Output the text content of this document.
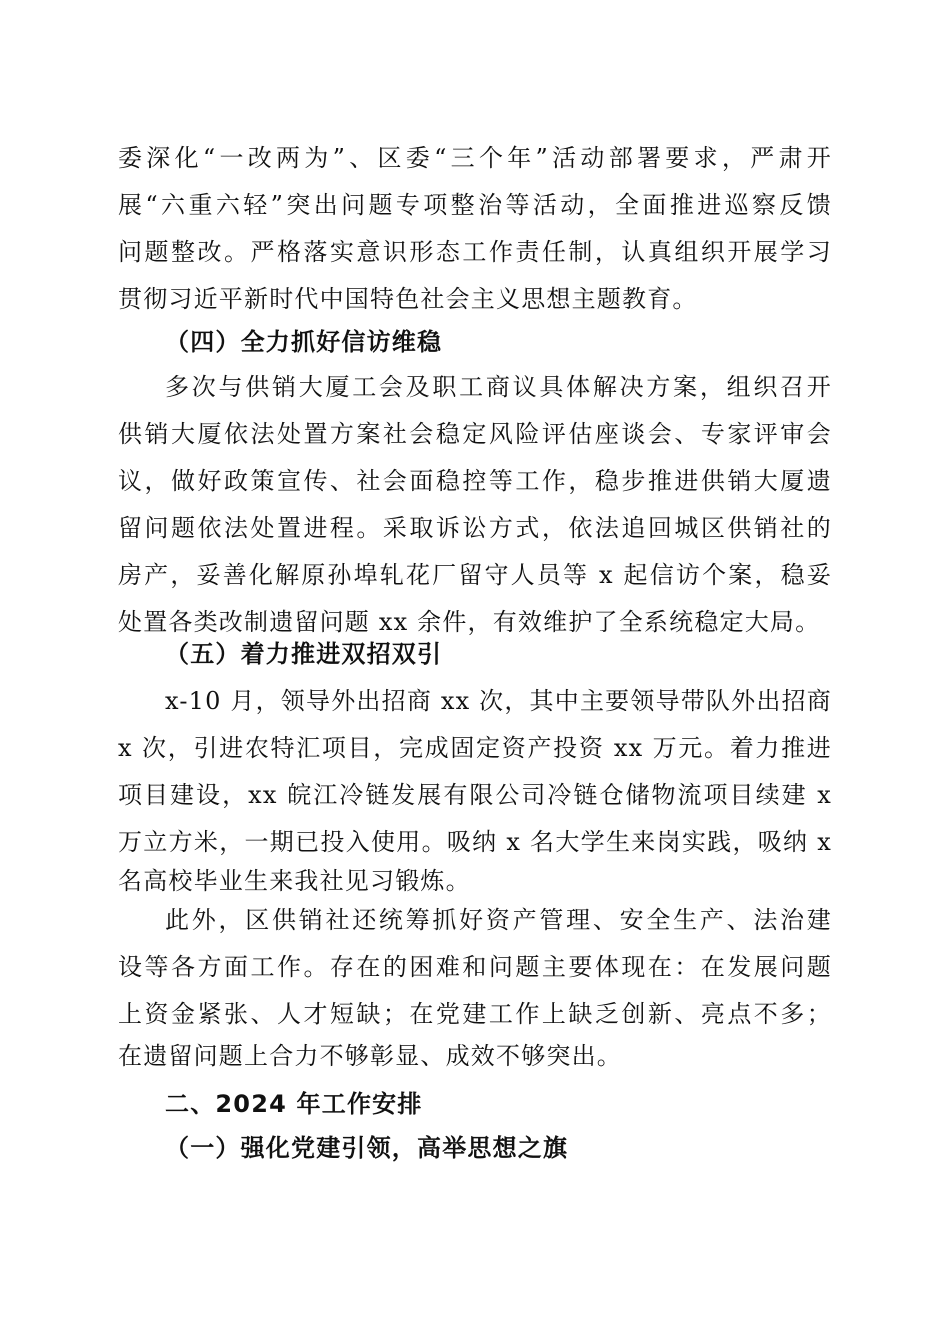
委深化“一改两为”、区委“三个年”活动部署要求，严肃开
展“六重六轻”突出问题专项整治等活动，全面推进巡察反馈
问题整改。严格落实意识形态工作责任制，认真组织开展学习
贯彻习近平新时代中国特色社会主义思想主题教育。
（四）全力抓好信访维稳
多次与供销大厦工会及职工商议具体解决方案，组织召开
供销大厦依法处置方案社会稳定风险评估座谈会、专家评审会
议，做好政策宣传、社会面稳控等工作，稳步推进供销大厦遗
留问题依法处置进程。采取诉讼方式，依法追回城区供销社的
房产，妥善化解原孙埠轧花厂留守人员等 x 起信访个案，稳妥
处置各类改制遗留问题 xx 余件，有效维护了全系统稳定大局。
（五）着力推进双招双引
x-10 月，领导外出招商 xx 次，其中主要领导带队外出招商
x 次，引进农特汇项目，完成固定资产投资 xx 万元。着力推进
项目建设，xx 皖江冷链发展有限公司冷链仓储物流项目续建 x
万立方米，一期已投入使用。吸纳 x 名大学生来岗实践，吸纳 x
名高校毕业生来我社见习锻炼。
此外，区供销社还统筹抓好资产管理、安全生产、法治建
设等各方面工作。存在的困难和问题主要体现在：在发展问题
上资金紧张、人才短缺；在党建工作上缺乏创新、亮点不多；
在遗留问题上合力不够彰显、成效不够突出。
二、2024 年工作安排
（一）强化党建引领，高举思想之旗
